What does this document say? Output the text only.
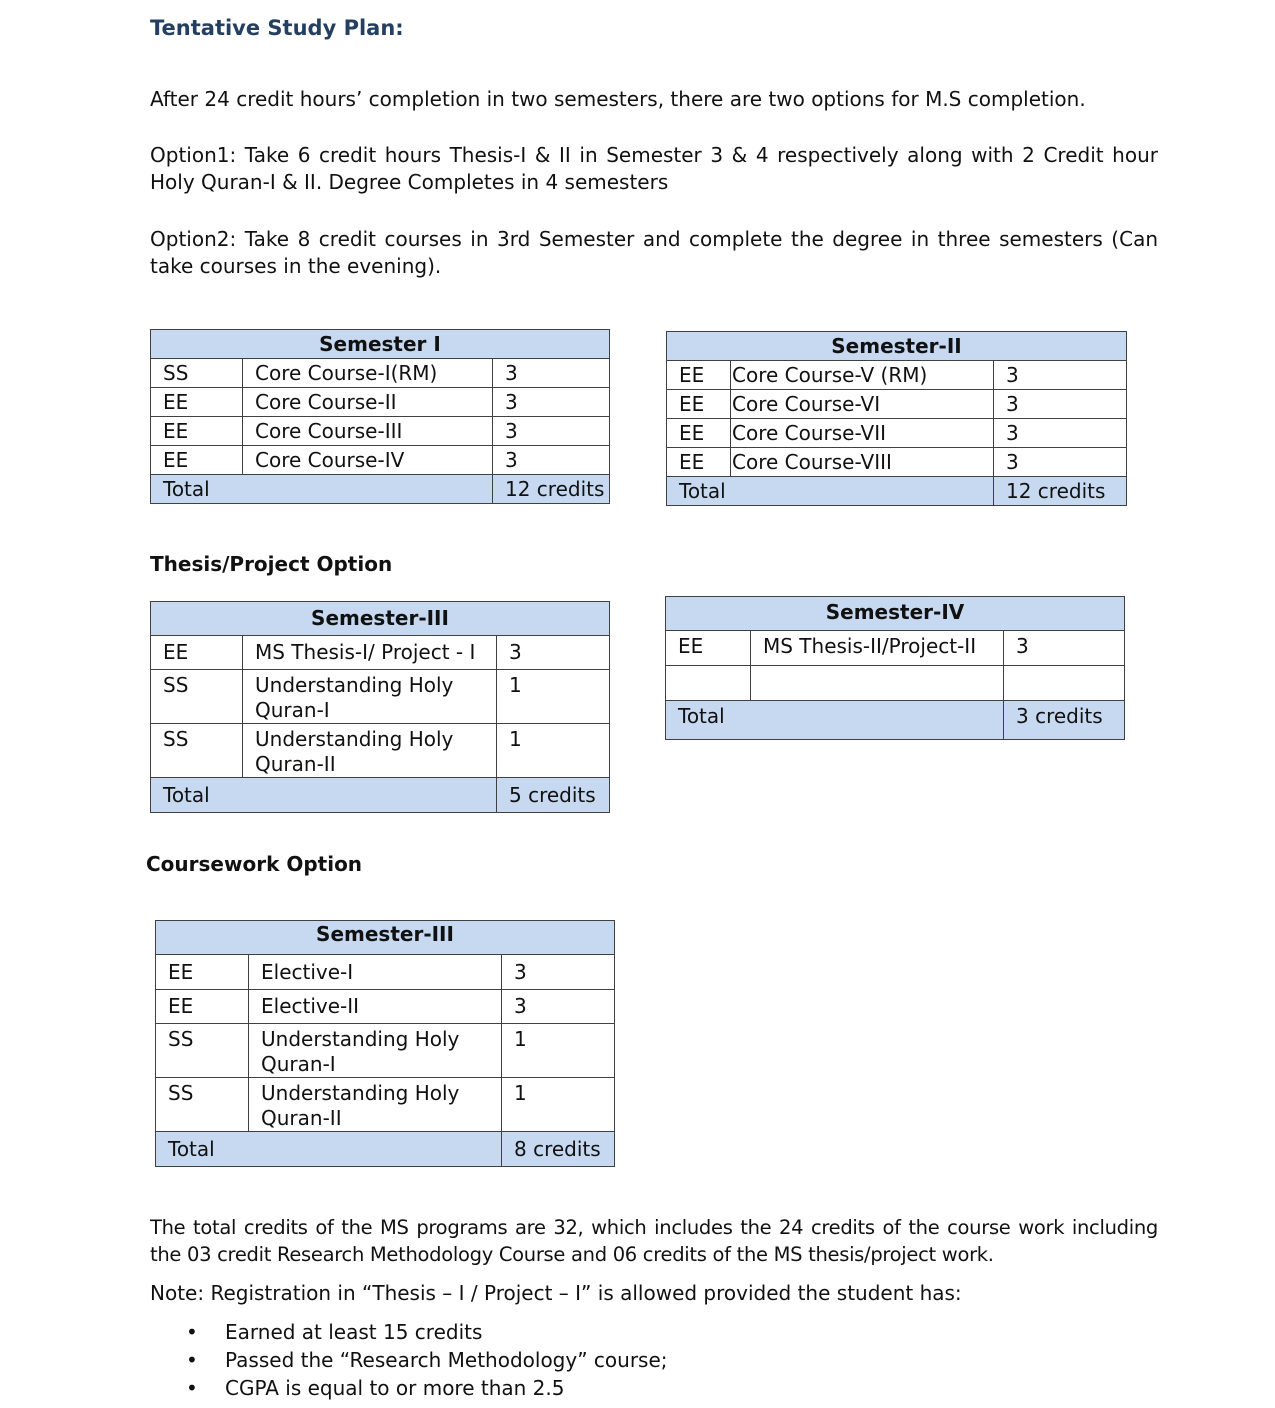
Tentative Study Plan:
After 24 credit hours’ completion in two semesters, there are two options for M.S completion.
Option1: Take 6 credit hours Thesis-I & II in Semester 3 & 4 respectively along with 2 Credit hour
Holy Quran-I & II. Degree Completes in 4 semesters
Option2: Take 8 credit courses in 3rd Semester and complete the degree in three semesters (Can
take courses in the evening).
Semester I		
SS	Core Course-I(RM)	3
EE	Core Course-II	3
EE	Core Course-III	3
EE	Core Course-IV	3
Total		12 credits
Semester-II		
EE	Core Course-V (RM)	3
EE	Core Course-VI	3
EE	Core Course-VII	3
EE	Core Course-VIII	3
Total		12 credits
Thesis/Project Option
Semester-III		
EE	MS Thesis-I/ Project - I	3
SS	Understanding Holy Quran-I	1
SS	Understanding Holy Quran-II	1
Total		5 credits
Semester-IV		
EE	MS Thesis-II/Project-II	3

Total		3 credits
Coursework Option
Semester-III		
EE	Elective-I	3
EE	Elective-II	3
SS	Understanding Holy Quran-I	1
SS	Understanding Holy Quran-II	1
Total		8 credits
The total credits of the MS programs are 32, which includes the 24 credits of the course work including
the 03 credit Research Methodology Course and 06 credits of the MS thesis/project work.
Note: Registration in “Thesis – I / Project – I” is allowed provided the student has:
• Earned at least 15 credits
• Passed the “Research Methodology” course;
• CGPA is equal to or more than 2.5
